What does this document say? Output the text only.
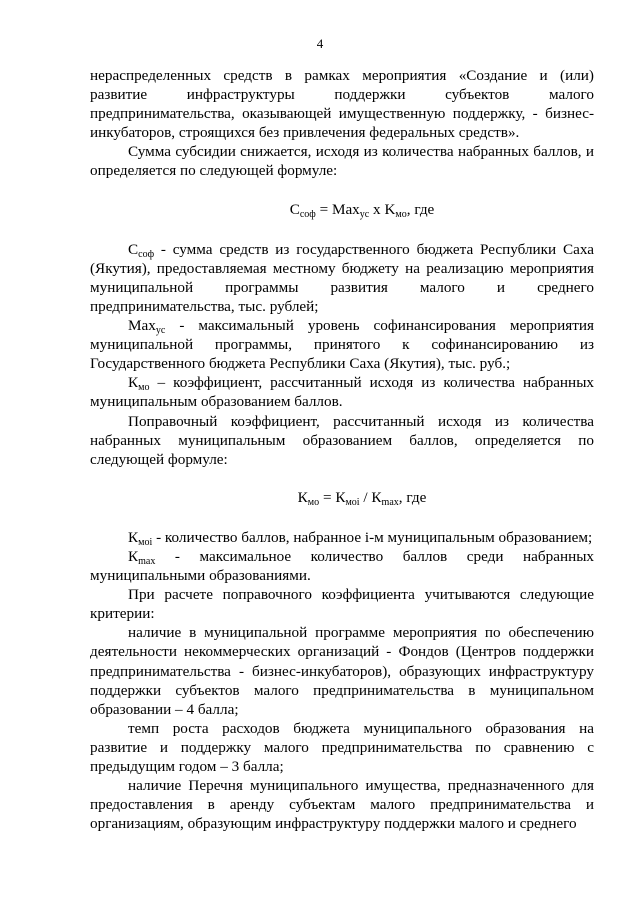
4

нераспределенных средств в рамках мероприятия «Создание и (или) развитие инфраструктуры поддержки субъектов малого предпринимательства, оказывающей имущественную поддержку, - бизнес-инкубаторов, строящихся без привлечения федеральных средств».

Сумма субсидии снижается, исходя из количества набранных баллов, и определяется по следующей формуле:

$С_{соф} = Max_{ус}$ x $K_{мо}$, где

$С_{соф}$ - сумма средств из государственного бюджета Республики Саха (Якутия), предоставляемая местному бюджету на реализацию мероприятия муниципальной программы развития малого и среднего предпринимательства, тыс. рублей;

Max$_{ус}$ - максимальный уровень софинансирования мероприятия муниципальной программы, принятого к софинансированию из Государственного бюджета Республики Саха (Якутия), тыс. руб.;

$К_{мо}$ – коэффициент, рассчитанный исходя из количества набранных муниципальным образованием баллов.

Поправочный коэффициент, рассчитанный исходя из количества набранных муниципальным образованием баллов, определяется по следующей формуле:

$К_{мо} = К_{моi} / К_{max}$, где

$К_{моi}$ - количество баллов, набранное i-м муниципальным образованием;

$К_{max}$ - максимальное количество баллов среди набранных муниципальными образованиями.

При расчете поправочного коэффициента учитываются следующие критерии:

наличие в муниципальной программе мероприятия по обеспечению деятельности некоммерческих организаций - Фондов (Центров поддержки предпринимательства - бизнес-инкубаторов), образующих инфраструктуру поддержки субъектов малого предпринимательства в муниципальном образовании – 4 балла;

темп роста расходов бюджета муниципального образования на развитие и поддержку малого предпринимательства по сравнению с предыдущим годом – 3 балла;

наличие Перечня муниципального имущества, предназначенного для предоставления в аренду субъектам малого предпринимательства и организациям, образующим инфраструктуру поддержки малого и среднего
